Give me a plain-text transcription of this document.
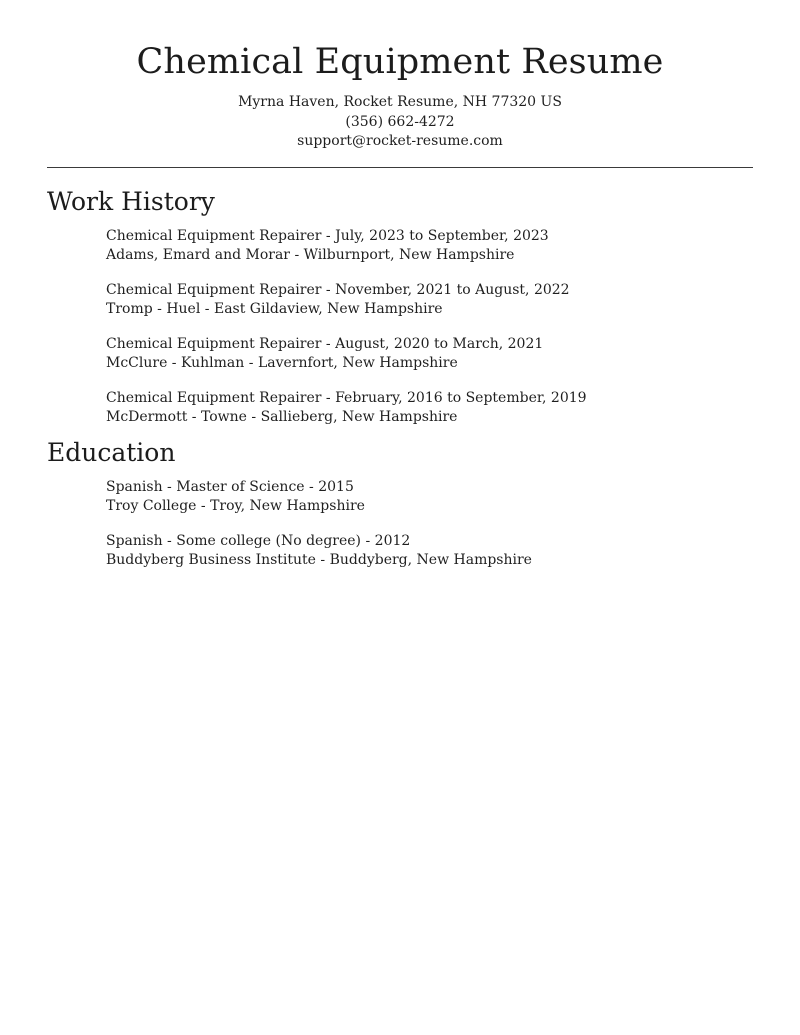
Chemical Equipment Resume
Myrna Haven, Rocket Resume, NH 77320 US
(356) 662-4272
support@rocket-resume.com
Work History
Chemical Equipment Repairer - July, 2023 to September, 2023
Adams, Emard and Morar - Wilburnport, New Hampshire
Chemical Equipment Repairer - November, 2021 to August, 2022
Tromp - Huel - East Gildaview, New Hampshire
Chemical Equipment Repairer - August, 2020 to March, 2021
McClure - Kuhlman - Lavernfort, New Hampshire
Chemical Equipment Repairer - February, 2016 to September, 2019
McDermott - Towne - Sallieberg, New Hampshire
Education
Spanish - Master of Science - 2015
Troy College - Troy, New Hampshire
Spanish - Some college (No degree) - 2012
Buddyberg Business Institute - Buddyberg, New Hampshire
